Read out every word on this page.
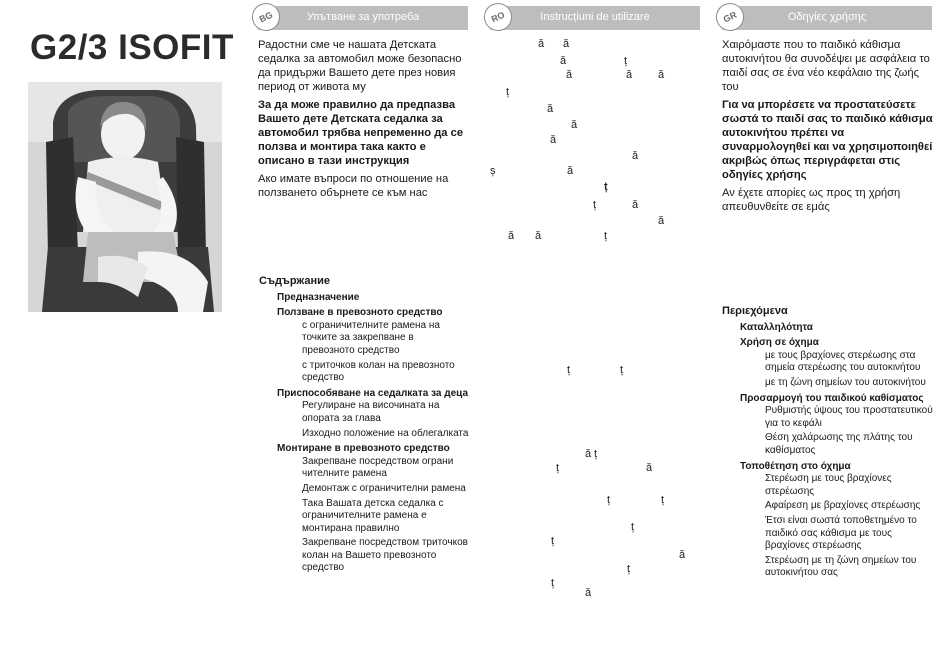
G2/3 ISOFIT
BG	Упътване за употреба

Радостни сме че нашата Детската седалка за автомобил може безопасно да придържи Вашето дете през новия период от живота му

За да може правилно да предпазва Вашето дете Детската седалка за автомобил трябва непременно да се ползва и монтира така както е описано в тази инструкция

Ако имате въпроси по отношение на ползването обърнете се към нас

Съдържание
Предназначение
Ползване в превозното средство
с ограничителните рамена на точките за закрепване в превозното средство
с триточков колан на превозното средство
Приспособяване на седалката за деца
Регулиране на височината на опората за глава
Изходно положение на облегалката
Монтиране в превозното средство
Закрепване посредством ограни чителните рамена
Демонтаж с ограничителни рамена
Така Вашата детска седалка с ограничителните рамена е монтирана правилно
Закрепване посредством триточков колан на Вашето превозното средство
RO	Instrucțiuni de utilizare
ă ă
ă	ț
ă	ă ă
ț
ă
ă
ă
ă
ș	ă
ț
ț	ă
ă
ă ă	ț
ț	ț
ă ț
ț	ă
ț	ț
ț
ț
ă
ț
ț
ă
GR	Οδηγίες χρήσης

Χαιρόμαστε που το παιδικό κάθισμα αυτοκινήτου θα συνοδέψει με ασφάλεια το παιδί σας σε ένα νέο κεφάλαιο της ζωής του

Για να μπορέσετε να προστατεύσετε σωστά το παιδί σας το παιδικό κάθισμα αυτοκινήτου πρέπει να συναρμολογηθεί και να χρησιμοποιηθεί ακριβώς όπως περιγράφεται στις οδηγίες χρήσης

Αν έχετε απορίες ως προς τη χρήση απευθυνθείτε σε εμάς

Περιεχόμενα
Καταλληλότητα
Χρήση σε όχημα
με τους βραχίονες στερέωσης στα σημεία στερέωσης του αυτοκινήτου
με τη ζώνη σημείων του αυτοκινήτου
Προσαρμογή του παιδικού καθίσματος
Ρυθμιστής ύψους του προστατευτικού για το κεφάλι
Θέση χαλάρωσης της πλάτης του καθίσματος
Τοποθέτηση στο όχημα
Στερέωση με τους βραχίονες στερέωσης
Αφαίρεση με βραχίονες στερέωσης
Έτσι είναι σωστά τοποθετημένο το παιδικό σας κάθισμα με τους βραχίονες στερέωσης
Στερέωση με τη ζώνη σημείων του αυτοκινήτου σας
